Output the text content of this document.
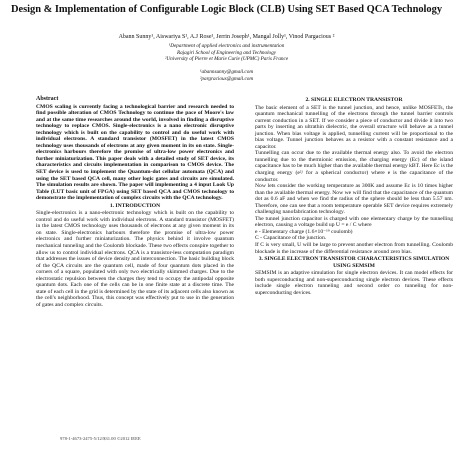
Design & Implementation of Configurable Logic Block (CLB) Using SET Based QCA Technology
Abann Sunny¹, Aiswariya S¹, A.J Rose¹, Jerrin Joseph¹, Mangal Jolly¹, Vinod Pargacious ²
¹Department of applied electronics and instrumentation
Rajagiri School of Engineering and Technology
²University of Pierre et Marie Curie (UPMC) Paris France
¹abannsunny@gmail.com
²pargracious@gmail.com
Abstract

CMOS scaling is currently facing a technological barrier and research needed to find possible alteration of CMOS Technology to continue the pace of Moore's law and at the same time researches around the world, involved in finding a disruptive technology to replace CMOS. Single-electronics is a nano electronic disruptive technology which is built on the capability to control and do useful work with individual electrons. A standard transistor (MOSFET) in the latest CMOS technology uses thousands of electrons at any given moment in its on state. Single-electronics harbours therefore the promise of ultra-low power electronics and further miniaturization. This paper deals with a detailed study of SET device, its characteristics and circuits implementation in comparison to CMOS device. The SET device is used to implement the Quantum-dot cellular automata (QCA) and using the SET based QCA cell, many other logic gates and circuits are simulated. The simulation results are shown. The paper will implementing a 4 input Look Up Table (LUT basic unit of FPGA) using SET based QCA and CMOS technology to demonstrate the implementation of complex circuits with the QCA technology.

1. INTRODUCTION

Single-electronics is a nano-electronic technology which is built on the capability to control and do useful work with individual electrons. A standard transistor (MOSFET) in the latest CMOS technology uses thousands of electrons at any given moment in its on state. Single-electronics harbours therefore the promise of ultra-low power electronics and further miniaturization. The physics behind it involve quantum mechanical tunneling and the Coulomb blockade. These two effects conspire together to allow us to control individual electrons. QCA is a transistor-less computation paradigm that addresses the issues of device density and interconnection. The basic building block of the QCA circuits are the quantum cell, made of four quantum dots placed in the corners of a square, populated with only two electrically skimmed charges. Due to the electrostatic repulsion between the charges they tend to occupy the antipodal opposite quantum dots. Each one of the cells can be in one finite state at a discrete time. The state of each cell in the grid is determined by the state of its adjacent cells also known as the cell's neighborhood. Thus, this concept was effectively put to use in the generation of gates and complex circuits.

2. SINGLE ELECTRON TRANSISTOR

The basic element of a SET is the tunnel junction, and hence, unlike MOSFETs, the quantum mechanical tunnelling of the electrons through the tunnel barrier controls current conduction in a SET. If we consider a piece of conductor and divide it into two parts by inserting an ultrathin dielectric, the overall structure will behave as a tunnel junction. When bias voltage is applied, tunnelling current will be proportional to the bias voltage. Tunnel junction behaves as a resistor with a constant resistance and a capacitor.

Tunnelling can occur due to the available thermal energy also. To avoid the electron tunnelling due to the thermionic emission, the charging energy (Ec) of the island capacitance has to be much higher than the available thermal energy kBT. Here Ec is the charging energy (e²/ for a spherical conductor) where e is the capacitance of the conductor.

Now lets consider the working temperature as 300K and assume Ec is 10 times higher than the available thermal energy. Now we will find that the capacitance of the quantum dot as 0.6 aF and when we find the radius of the sphere should be less than 5.57 nm. Therefore, one can see that a room temperature operable SET device requires extremely challenging nanofabrication technology.

The tunnel junction capacitor is charged with one elementary charge by the tunnelling electron, causing a voltage build up U = e / C where

e - Elementary charge (1.6×10⁻¹⁹ coulomb)

C - Capacitance of the junction.

If C is very small, U will be large to prevent another electron from tunnelling. Coulomb blockade is the increase of the differential resistance around zero bias.

3. SINGLE ELECTRON TRANSISTOR CHARACTERISTICS SIMULATION USING SEMSIM

SEMSIM is an adaptive simulation for single electron devices. It can model effects for both superconducting and non-superconducting single electron devices. These effects include single electron tunneling and second order co tunneling for non-superconducting devices.

978-1-4673-2475-5/12/$31.00 ©2012 IEEE
